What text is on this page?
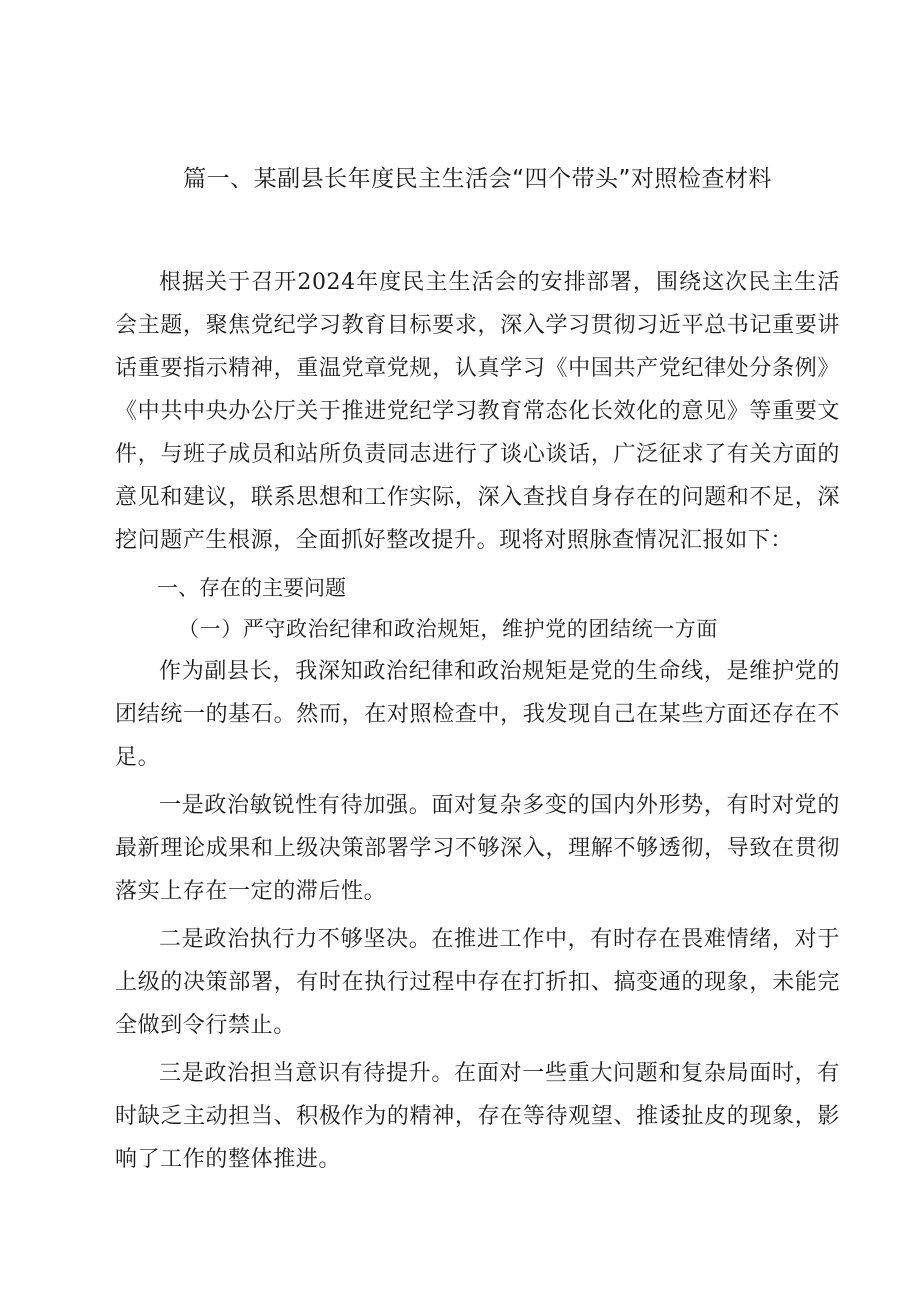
篇一、某副县长年度民主生活会“四个带头”对照检查材料

根据关于召开2024年度民主生活会的安排部署，围绕这次民主生活会主题，聚焦党纪学习教育目标要求，深入学习贯彻习近平总书记重要讲话重要指示精神，重温党章党规，认真学习《中国共产党纪律处分条例》《中共中央办公厅关于推进党纪学习教育常态化长效化的意见》等重要文件，与班子成员和站所负责同志进行了谈心谈话，广泛征求了有关方面的意见和建议，联系思想和工作实际，深入查找自身存在的问题和不足，深挖问题产生根源，全面抓好整改提升。现将对照脉查情况汇报如下：

一、存在的主要问题

（一）严守政治纪律和政治规矩，维护党的团结统一方面

作为副县长，我深知政治纪律和政治规矩是党的生命线，是维护党的团结统一的基石。然而，在对照检查中，我发现自己在某些方面还存在不足。

一是政治敏锐性有待加强。面对复杂多变的国内外形势，有时对党的最新理论成果和上级决策部署学习不够深入，理解不够透彻，导致在贯彻落实上存在一定的滞后性。

二是政治执行力不够坚决。在推进工作中，有时存在畏难情绪，对于上级的决策部署，有时在执行过程中存在打折扣、搞变通的现象，未能完全做到令行禁止。

三是政治担当意识有待提升。在面对一些重大问题和复杂局面时，有时缺乏主动担当、积极作为的精神，存在等待观望、推诿扯皮的现象，影响了工作的整体推进。
